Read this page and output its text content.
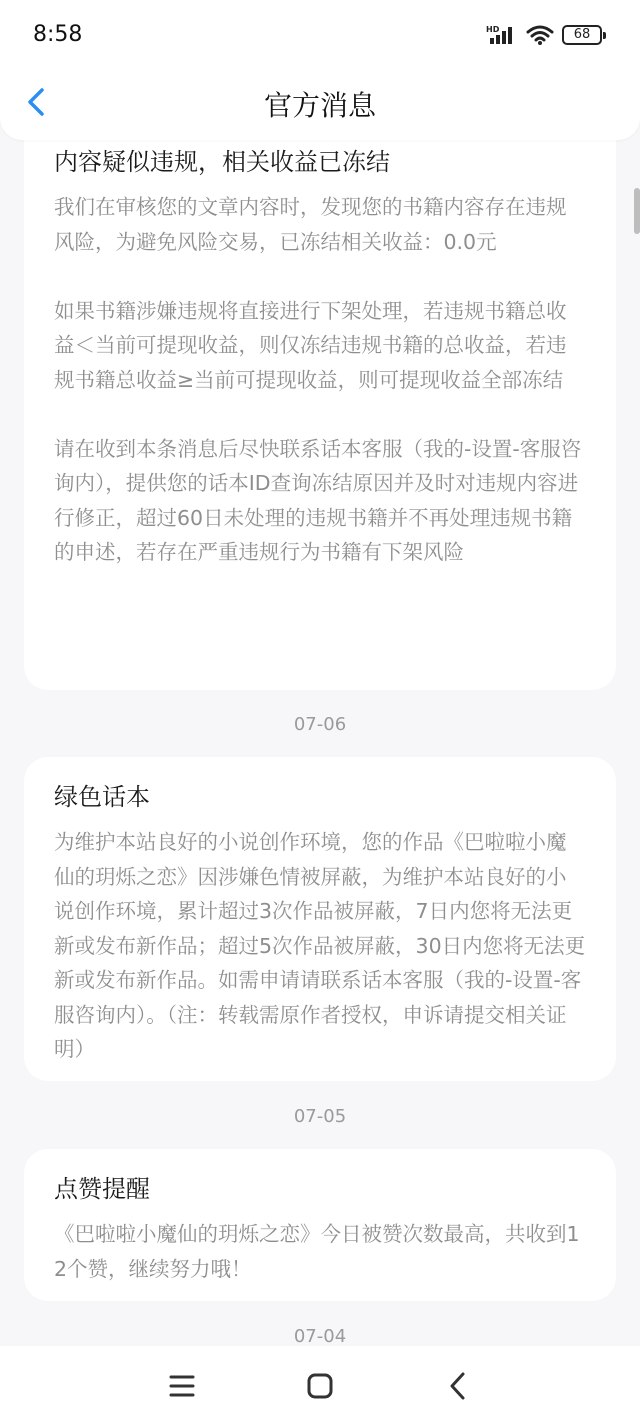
8:58	HD	68
官方消息
内容疑似违规，相关收益已冻结
我们在审核您的文章内容时，发现您的书籍内容存在违规风险，为避免风险交易，已冻结相关收益：0.0元

如果书籍涉嫌违规将直接进行下架处理，若违规书籍总收益＜当前可提现收益，则仅冻结违规书籍的总收益，若违规书籍总收益≥当前可提现收益，则可提现收益全部冻结

请在收到本条消息后尽快联系话本客服（我的-设置-客服咨询内），提供您的话本ID查询冻结原因并及时对违规内容进行修正，超过60日未处理的违规书籍并不再处理违规书籍的申述，若存在严重违规行为书籍有下架风险
07-06
绿色话本
为维护本站良好的小说创作环境，您的作品《巴啦啦小魔仙的玥烁之恋》因涉嫌色情被屏蔽，为维护本站良好的小说创作环境，累计超过3次作品被屏蔽，7日内您将无法更新或发布新作品；超过5次作品被屏蔽，30日内您将无法更新或发布新作品。如需申请请联系话本客服（我的-设置-客服咨询内）。（注：转载需原作者授权，申诉请提交相关证明）
07-05
点赞提醒
《巴啦啦小魔仙的玥烁之恋》今日被赞次数最高，共收到12个赞，继续努力哦！
07-04
